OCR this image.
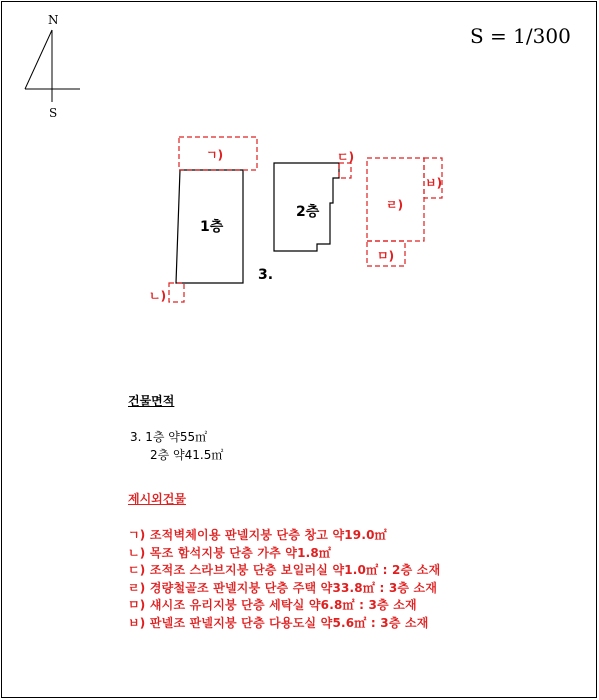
S = 1/300
N
S
1층
2층
ㄱ)
ㄴ)
ㄷ)
ㄹ)
ㅁ)
ㅂ)
3.
건물면적
3. 1층 약55㎡
2층 약41.5㎡
제시외건물
ㄱ) 조적벽체이용 판넬지붕 단층 창고 약19.0㎡
ㄴ) 목조 함석지붕 단층 가추 약1.8㎡
ㄷ) 조적조 스라브지붕 단층 보일러실 약1.0㎡ : 2층 소재
ㄹ) 경량철골조 판넬지붕 단층 주택 약33.8㎡ : 3층 소재
ㅁ) 섀시조 유리지붕 단층 세탁실 약6.8㎡ : 3층 소재
ㅂ) 판넬조 판넬지붕 단층 다용도실 약5.6㎡ : 3층 소재
